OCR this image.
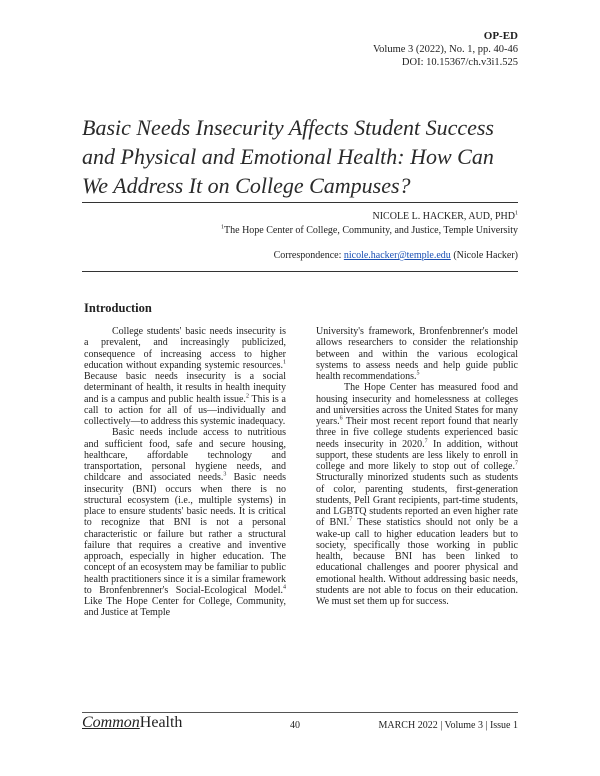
OP-ED
Volume 3 (2022), No. 1, pp. 40-46
DOI: 10.15367/ch.v3i1.525
Basic Needs Insecurity Affects Student Success and Physical and Emotional Health: How Can We Address It on College Campuses?
NICOLE L. HACKER, AUD, PHD$^1$
$^1$The Hope Center of College, Community, and Justice, Temple University
Correspondence: nicole.hacker@temple.edu (Nicole Hacker)
Introduction

College students' basic needs insecurity is a prevalent, and increasingly publicized, consequence of increasing access to higher education without expanding systemic resources.$^1$ Because basic needs insecurity is a social determinant of health, it results in health inequity and is a campus and public health issue.$^2$ This is a call to action for all of us—individually and collectively—to address this systemic inadequacy.

Basic needs include access to nutritious and sufficient food, safe and secure housing, healthcare, affordable technology and transportation, personal hygiene needs, and childcare and associated needs.$^3$ Basic needs insecurity (BNI) occurs when there is no structural ecosystem (i.e., multiple systems) in place to ensure students' basic needs. It is critical to recognize that BNI is not a personal characteristic or failure but rather a structural failure that requires a creative and inventive approach, especially in higher education. The concept of an ecosystem may be familiar to public health practitioners since it is a similar framework to Bronfenbrenner's Social-Ecological Model.$^4$ Like The Hope Center for College, Community, and Justice at Temple

University's framework, Bronfenbrenner's model allows researchers to consider the relationship between and within the various ecological systems to assess needs and help guide public health recommendations.$^5$

The Hope Center has measured food and housing insecurity and homelessness at colleges and universities across the United States for many years.$^6$ Their most recent report found that nearly three in five college students experienced basic needs insecurity in 2020.$^7$ In addition, without support, these students are less likely to enroll in college and more likely to stop out of college.$^7$ Structurally minorized students such as students of color, parenting students, first-generation students, Pell Grant recipients, part-time students, and LGBTQ students reported an even higher rate of BNI.$^7$ These statistics should not only be a wake-up call to higher education leaders but to society, specifically those working in public health, because BNI has been linked to educational challenges and poorer physical and emotional health. Without addressing basic needs, students are not able to focus on their education. We must set them up for success.

CommonHealth	40	MARCH 2022 | Volume 3 | Issue 1
